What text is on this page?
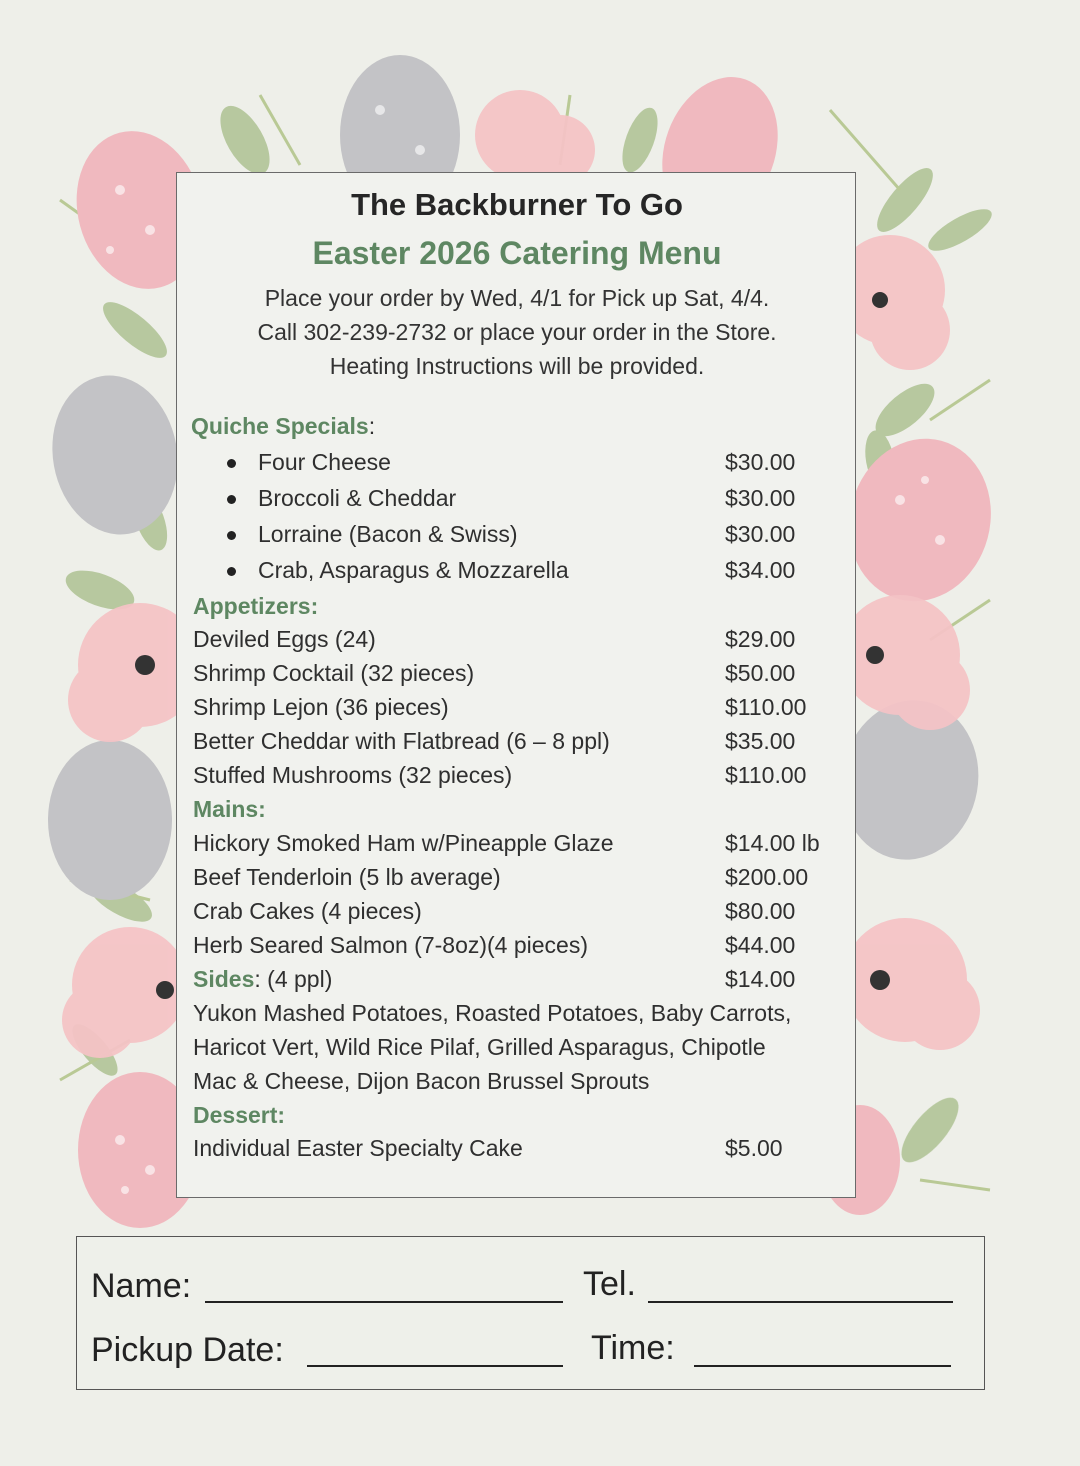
The Backburner To Go
Easter 2026 Catering Menu
Place your order by Wed, 4/1 for Pick up Sat, 4/4.
Call 302-239-2732 or place your order in the Store.
Heating Instructions will be provided.
Quiche Specials:
Four Cheese	$30.00
Broccoli & Cheddar	$30.00
Lorraine (Bacon & Swiss)	$30.00
Crab, Asparagus & Mozzarella	$34.00
Appetizers:
Deviled Eggs (24)	$29.00
Shrimp Cocktail (32 pieces)	$50.00
Shrimp Lejon (36 pieces)	$110.00
Better Cheddar with Flatbread (6 – 8 ppl)	$35.00
Stuffed Mushrooms (32 pieces)	$110.00
Mains:
Hickory Smoked Ham w/Pineapple Glaze	$14.00 lb
Beef Tenderloin (5 lb average)	$200.00
Crab Cakes (4 pieces)	$80.00
Herb Seared Salmon (7-8oz)(4 pieces)	$44.00
Sides: (4 ppl)	$14.00
Yukon Mashed Potatoes, Roasted Potatoes, Baby Carrots,
Haricot Vert, Wild Rice Pilaf, Grilled Asparagus, Chipotle
Mac & Cheese, Dijon Bacon Brussel Sprouts
Dessert:
Individual Easter Specialty Cake	$5.00
Name:	Tel.
Pickup Date:	Time:
